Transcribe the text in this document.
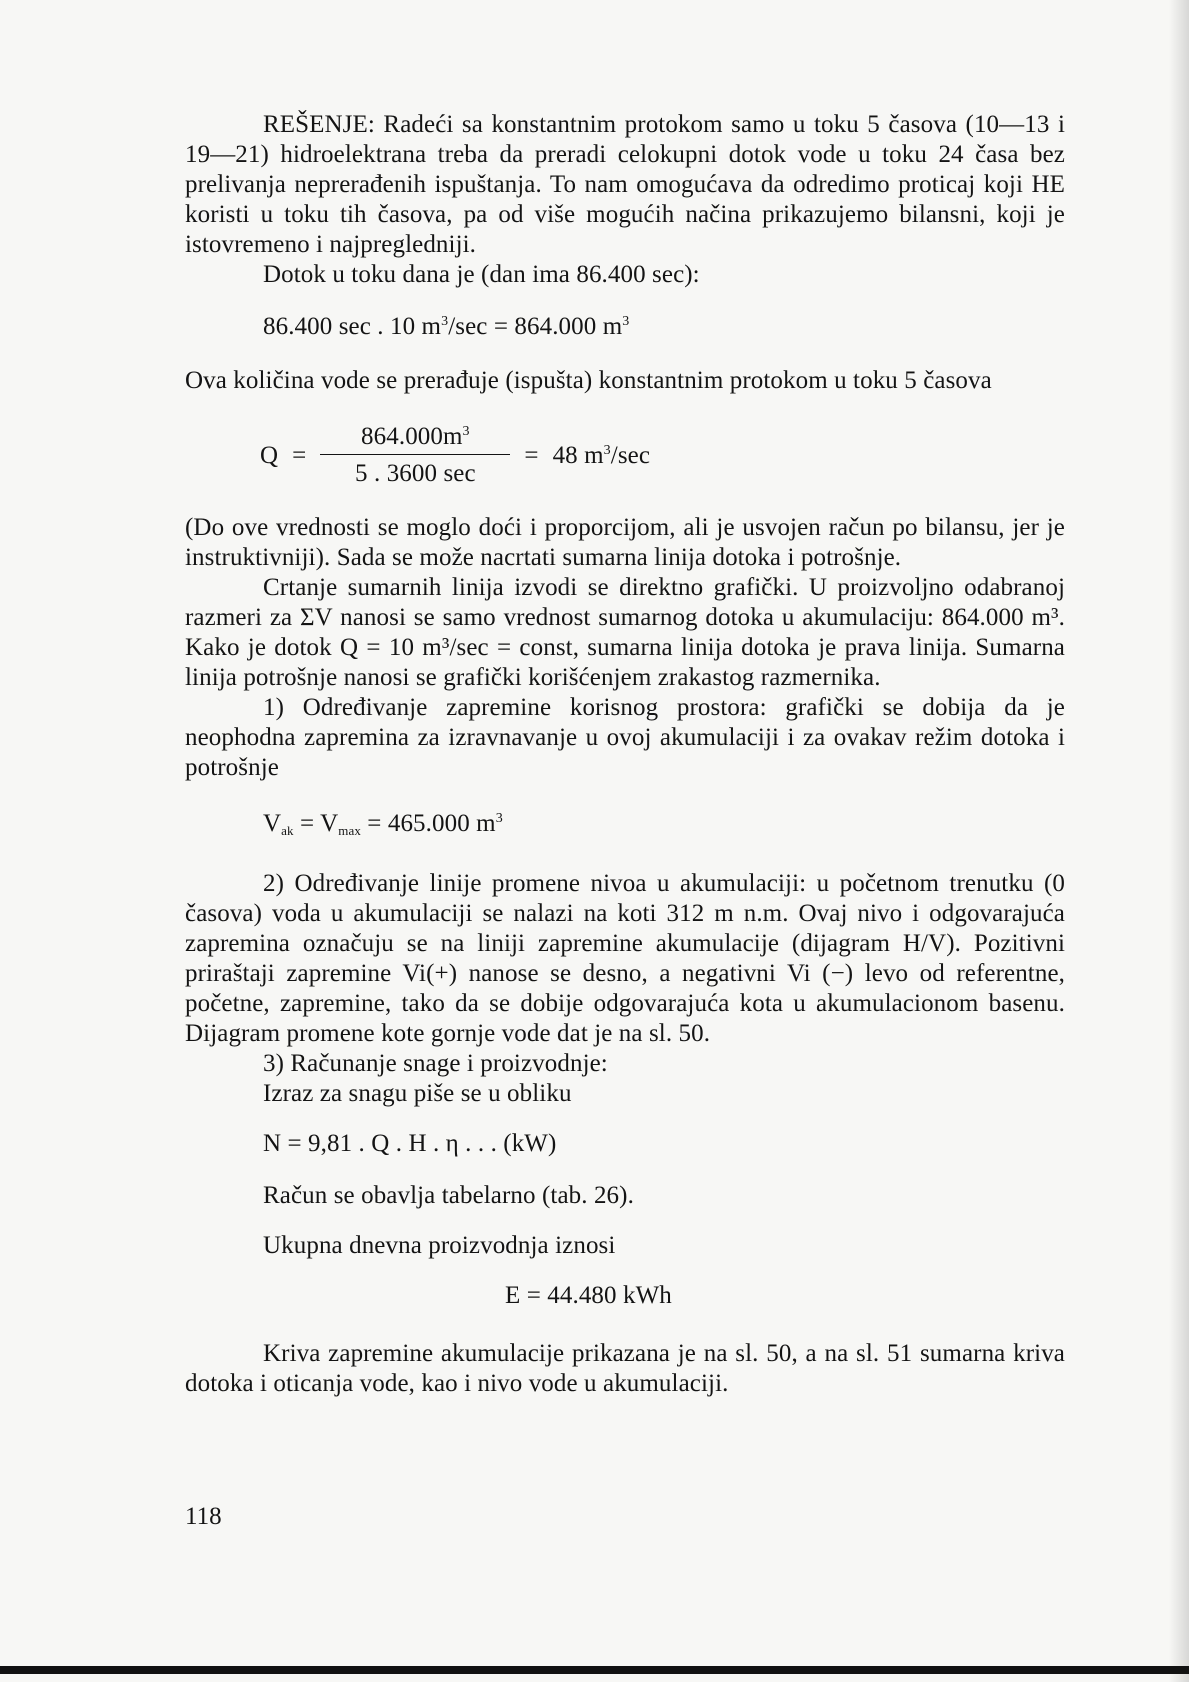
REŠENJE: Radeći sa konstantnim protokom samo u toku 5 časova (10—13 i 19—21) hidroelektrana treba da preradi celokupni dotok vode u toku 24 časa bez prelivanja neprerađenih ispuštanja. To nam omogućava da odredimo proticaj koji HE koristi u toku tih časova, pa od više mogućih načina prikazujemo bilansni, koji je istovremeno i najpregledniji.

Dotok u toku dana je (dan ima 86.400 sec):

86.400 sec . 10 $m^3/\sec = 864.000$ $m^3$

Ova količina vode se prerađuje (ispušta) konstantnim protokom u toku 5 časova

$Q = \frac{864.000m^3}{5 . 3600 \sec} = 48$ $m^3/\sec$

(Do ove vrednosti se moglo doći i proporcijom, ali je usvojen račun po bilansu, jer je instruktivniji). Sada se može nacrtati sumarna linija dotoka i potrošnje.

Crtanje sumarnih linija izvodi se direktno grafički. U proizvoljno odabranoj razmeri za ΣV nanosi se samo vrednost sumarnog dotoka u akumulaciju: 864.000 m³. Kako je dotok Q = 10 m³/sec = const, sumarna linija dotoka je prava linija. Sumarna linija potrošnje nanosi se grafički korišćenjem zrakastog razmernika.

1) Određivanje zapremine korisnog prostora: grafički se dobija da je neophodna zapremina za izravnavanje u ovoj akumulaciji i za ovakav režim dotoka i potrošnje

$V_{ak} = V_{max} = 465.000$ $m^3$

2) Određivanje linije promene nivoa u akumulaciji: u početnom trenutku (0 časova) voda u akumulaciji se nalazi na koti 312 m n.m. Ovaj nivo i odgovarajuća zapremina označuju se na liniji zapremine akumulacije (dijagram H/V). Pozitivni priraštaji zapremine Vi(+) nanose se desno, a negativni Vi (−) levo od referentne, početne, zapremine, tako da se dobije odgovarajuća kota u akumulacionom basenu. Dijagram promene kote gornje vode dat je na sl. 50.

3) Računanje snage i proizvodnje:

Izraz za snagu piše se u obliku

N = 9,81 . Q . H . η . . . (kW)

Račun se obavlja tabelarno (tab. 26).

Ukupna dnevna proizvodnja iznosi

E = 44.480 kWh

Kriva zapremine akumulacije prikazana je na sl. 50, a na sl. 51 sumarna kriva dotoka i oticanja vode, kao i nivo vode u akumulaciji.

118
